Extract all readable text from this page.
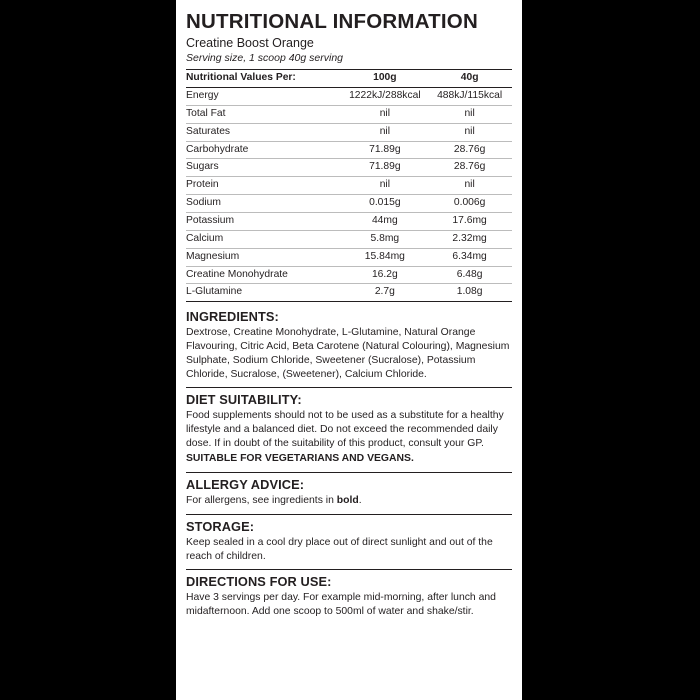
NUTRITIONAL INFORMATION
Creatine Boost Orange
Serving size, 1 scoop 40g serving
Nutritional Values Per:	100g	40g
Energy	1222kJ/288kcal	488kJ/115kcal
Total Fat	nil	nil
Saturates	nil	nil
Carbohydrate	71.89g	28.76g
Sugars	71.89g	28.76g
Protein	nil	nil
Sodium	0.015g	0.006g
Potassium	44mg	17.6mg
Calcium	5.8mg	2.32mg
Magnesium	15.84mg	6.34mg
Creatine Monohydrate	16.2g	6.48g
L-Glutamine	2.7g	1.08g
INGREDIENTS:

Dextrose, Creatine Monohydrate, L-Glutamine, Natural Orange Flavouring, Citric Acid, Beta Carotene (Natural Colouring), Magnesium Sulphate, Sodium Chloride, Sweetener (Sucralose), Potassium Chloride, Sucralose, (Sweetener), Calcium Chloride.

DIET SUITABILITY:

Food supplements should not to be used as a substitute for a healthy lifestyle and a balanced diet. Do not exceed the recommended daily dose. If in doubt of the suitability of this product, consult your GP.

SUITABLE FOR VEGETARIANS AND VEGANS.

ALLERGY ADVICE:

For allergens, see ingredients in bold.

STORAGE:

Keep sealed in a cool dry place out of direct sunlight and out of the reach of children.

DIRECTIONS FOR USE:

Have 3 servings per day. For example mid-morning, after lunch and midafternoon. Add one scoop to 500ml of water and shake/stir.
